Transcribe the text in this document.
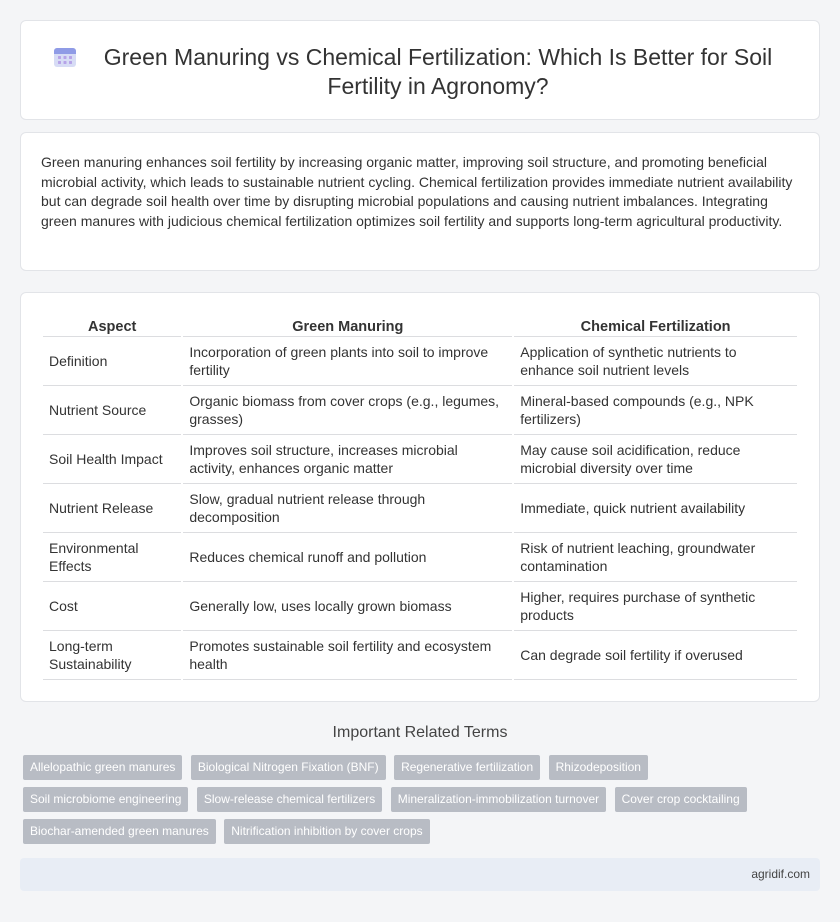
Green Manuring vs Chemical Fertilization: Which Is Better for Soil Fertility in Agronomy?

Green manuring enhances soil fertility by increasing organic matter, improving soil structure, and promoting beneficial microbial activity, which leads to sustainable nutrient cycling. Chemical fertilization provides immediate nutrient availability but can degrade soil health over time by disrupting microbial populations and causing nutrient imbalances. Integrating green manures with judicious chemical fertilization optimizes soil fertility and supports long-term agricultural productivity.

Aspect	Green Manuring	Chemical Fertilization
Definition	Incorporation of green plants into soil to improve fertility	Application of synthetic nutrients to enhance soil nutrient levels
Nutrient Source	Organic biomass from cover crops (e.g., legumes, grasses)	Mineral-based compounds (e.g., NPK fertilizers)
Soil Health Impact	Improves soil structure, increases microbial activity, enhances organic matter	May cause soil acidification, reduce microbial diversity over time
Nutrient Release	Slow, gradual nutrient release through decomposition	Immediate, quick nutrient availability
Environmental Effects	Reduces chemical runoff and pollution	Risk of nutrient leaching, groundwater contamination
Cost	Generally low, uses locally grown biomass	Higher, requires purchase of synthetic products
Long-term Sustainability	Promotes sustainable soil fertility and ecosystem health	Can degrade soil fertility if overused
Important Related Terms
Allelopathic green manures Biological Nitrogen Fixation (BNF) Regenerative fertilization Rhizodeposition
Soil microbiome engineering Slow-release chemical fertilizers Mineralization-immobilization turnover Cover crop cocktailing
Biochar-amended green manures Nitrification inhibition by cover crops
agridif.com
